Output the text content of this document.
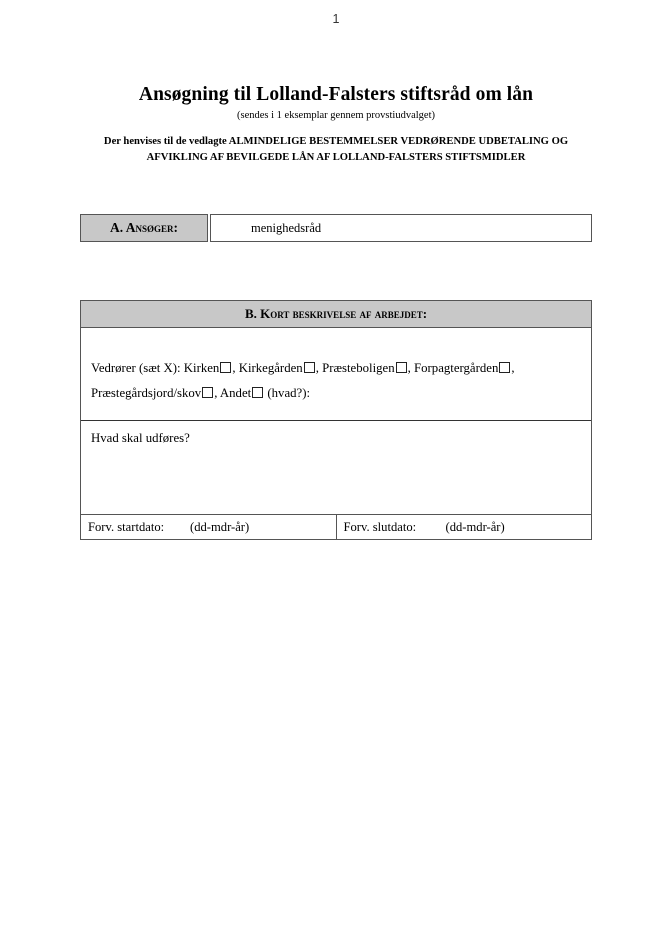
1
Ansøgning til Lolland-Falsters stiftsråd om lån
(sendes i 1 eksemplar gennem provstiudvalget)
Der henvises til de vedlagte ALMINDELIGE BESTEMMELSER VEDRØRENDE UDBETALING OG AFVIKLING AF BEVILGEDE LÅN AF LOLLAND-FALSTERS STIFTSMIDLER
A. Ansøger:	menighedsråd
B. Kort beskrivelse af arbejdet:
Vedrører (sæt X): Kirken , Kirkegården , Præsteboligen , Forpagtergården , Præstegårdsjord/skov , Andet (hvad?):
Hvad skal udføres?
Forv. startdato:	(dd-mdr-år)	Forv. slutdato:	(dd-mdr-år)
